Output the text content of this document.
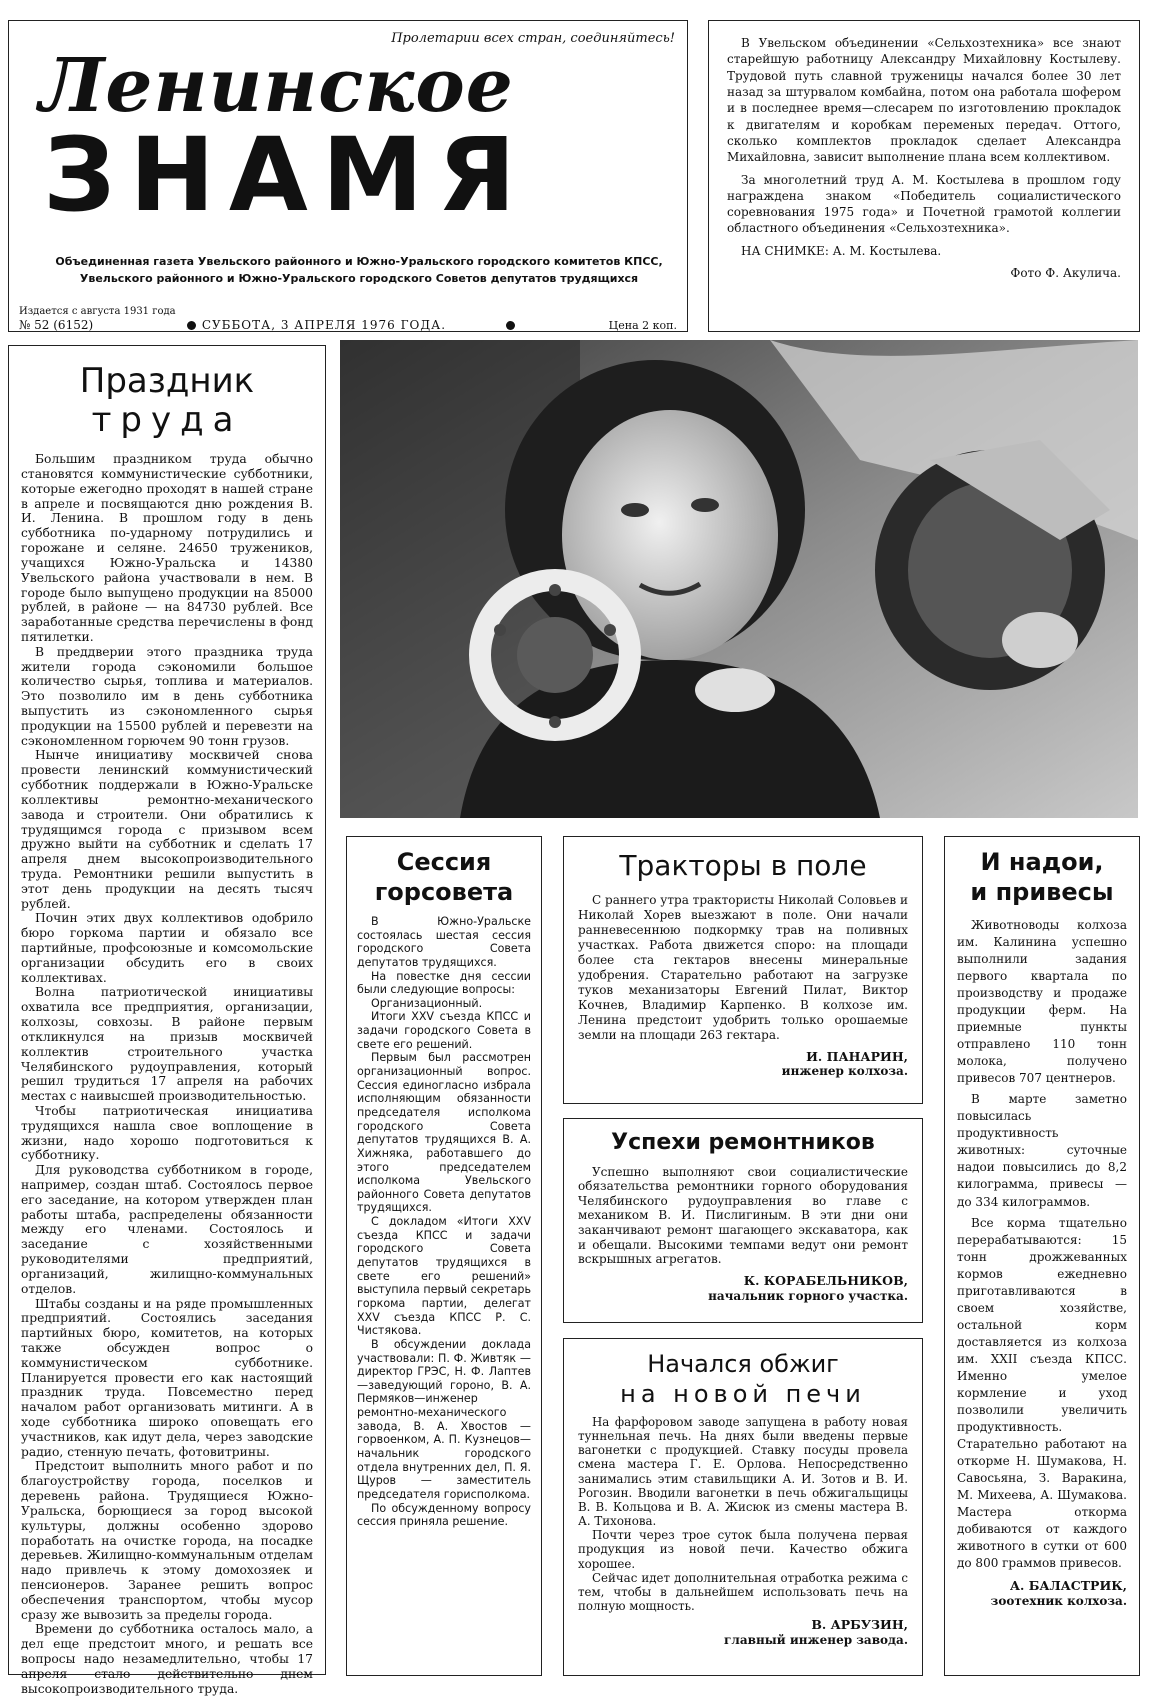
Пролетарии всех стран, соединяйтесь!
Ленинское
ЗНАМЯ
Объединенная газета Увельского районного и Южно-Уральского городского комитетов КПСС, Увельского районного и Южно-Уральского городского Советов депутатов трудящихся
Издается с августа 1931 года
№ 52 (6152)	СУББОТА, 3 АПРЕЛЯ 1976 ГОДА.	Цена 2 коп.

В Увельском объединении «Сельхозтехника» все знают старейшую работницу Александру Михайловну Костылеву. Трудовой путь славной труженицы начался более 30 лет назад за штурвалом комбайна, потом она работала шофером и в последнее время—слесарем по изготовлению прокладок к двигателям и коробкам переменых передач. Оттого, сколько комплектов прокладок сделает Александра Михайловна, зависит выполнение плана всем коллективом.

За многолетний труд А. М. Костылева в прошлом году награждена знаком «Победитель социалистического соревнования 1975 года» и Почетной грамотой коллегии областного объединения «Сельхозтехника».

НА СНИМКЕ: А. М. Костылева.

Фото Ф. Акулича.

Праздник
труда

Большим праздником труда обычно становятся коммунистические субботники, которые ежегодно проходят в нашей стране в апреле и посвящаются дню рождения В. И. Ленина. В прошлом году в день субботника по-ударному потрудились и горожане и селяне. 24650 тружеников, учащихся Южно-Уральска и 14380 Увельского района участвовали в нем. В городе было выпущено продукции на 85000 рублей, в районе — на 84730 рублей. Все заработанные средства перечислены в фонд пятилетки.

В преддверии этого праздника труда жители города сэкономили большое количество сырья, топлива и материалов. Это позволило им в день субботника выпустить из сэкономленного сырья продукции на 15500 рублей и перевезти на сэкономленном горючем 90 тонн грузов.

Нынче инициативу москвичей снова провести ленинский коммунистический субботник поддержали в Южно-Уральске коллективы ремонтно-механического завода и строители. Они обратились к трудящимся города с призывом всем дружно выйти на субботник и сделать 17 апреля днем высокопроизводительного труда. Ремонтники решили выпустить в этот день продукции на десять тысяч рублей.

Почин этих двух коллективов одобрило бюро горкома партии и обязало все партийные, профсоюзные и комсомольские организации обсудить его в своих коллективах.

Волна патриотической инициативы охватила все предприятия, организации, колхозы, совхозы. В районе первым откликнулся на призыв москвичей коллектив строительного участка Челябинского рудоуправления, который решил трудиться 17 апреля на рабочих местах с наивысшей производительностью.

Чтобы патриотическая инициатива трудящихся нашла свое воплощение в жизни, надо хорошо подготовиться к субботнику.

Для руководства субботником в городе, например, создан штаб. Состоялось первое его заседание, на котором утвержден план работы штаба, распределены обязанности между его членами. Состоялось и заседание с хозяйственными руководителями предприятий, организаций, жилищно-коммунальных отделов.

Штабы созданы и на ряде промышленных предприятий. Состоялись заседания партийных бюро, комитетов, на которых также обсужден вопрос о коммунистическом субботнике. Планируется провести его как настоящий праздник труда. Повсеместно перед началом работ организовать митинги. А в ходе субботника широко оповещать его участников, как идут дела, через заводские радио, стенную печать, фотовитрины.

Предстоит выполнить много работ и по благоустройству города, поселков и деревень района. Трудящиеся Южно-Уральска, борющиеся за город высокой культуры, должны особенно здорово поработать на очистке города, на посадке деревьев. Жилищно-коммунальным отделам надо привлечь к этому домохозяек и пенсионеров. Заранее решить вопрос обеспечения транспортом, чтобы мусор сразу же вывозить за пределы города.

Времени до субботника осталось мало, а дел еще предстоит много, и решать все вопросы надо незамедлительно, чтобы 17 апреля стало действительно днем высокопроизводительного труда.

Сессия
горсовета

В Южно-Уральске состоялась шестая сессия городского Совета депутатов трудящихся.

На повестке дня сессии были следующие вопросы:

Организационный.

Итоги XXV съезда КПСС и задачи городского Совета в свете его решений.

Первым был рассмотрен организационный вопрос. Сессия единогласно избрала исполняющим обязанности председателя исполкома городского Совета депутатов трудящихся В. А. Хижняка, работавшего до этого председателем исполкома Увельского районного Совета депутатов трудящихся.

С докладом «Итоги XXV съезда КПСС и задачи городского Совета депутатов трудящихся в свете его решений» выступила первый секретарь горкома партии, делегат XXV съезда КПСС Р. С. Чистякова.

В обсуждении доклада участвовали: П. Ф. Живтяк — директор ГРЭС, Н. Ф. Лаптев—заведующий гороно, В. А. Пермяков—инженер ремонтно-механического завода, В. А. Хвостов — горвоенком, А. П. Кузнецов—начальник городского отдела внутренних дел, П. Я. Щуров — заместитель председателя горисполкома.

По обсужденному вопросу сессия приняла решение.

Тракторы в поле

С раннего утра трактористы Николай Соловьев и Николай Хорев выезжают в поле. Они начали ранневесеннюю подкормку трав на поливных участках. Работа движется споро: на площади более ста гектаров внесены минеральные удобрения. Старательно работают на загрузке туков механизаторы Евгений Пилат, Виктор Кочнев, Владимир Карпенко. В колхозе им. Ленина предстоит удобрить только орошаемые земли на площади 263 гектара.

И. ПАНАРИН,
инженер колхоза.
Успехи ремонтников

Успешно выполняют свои социалистические обязательства ремонтники горного оборудования Челябинского рудоуправления во главе с механиком В. И. Пислигиным. В эти дни они заканчивают ремонт шагающего экскаватора, как и обещали. Высокими темпами ведут они ремонт вскрышных агрегатов.

К. КОРАБЕЛЬНИКОВ,
начальник горного участка.
Начался обжиг
на новой печи

На фарфоровом заводе запущена в работу новая туннельная печь. На днях были введены первые вагонетки с продукцией. Ставку посуды провела смена мастера Г. Е. Орлова. Непосредственно занимались этим ставильщики А. И. Зотов и В. И. Рогозин. Вводили вагонетки в печь обжигальщицы В. В. Кольцова и В. А. Жисюк из смены мастера В. А. Тихонова.

Почти через трое суток была получена первая продукция из новой печи. Качество обжига хорошее.

Сейчас идет дополнительная отработка режима с тем, чтобы в дальнейшем использовать печь на полную мощность.

В. АРБУЗИН,
главный инженер завода.
И надои,
и привесы

Животноводы колхоза им. Калинина успешно выполнили задания первого квартала по производству и продаже продукции ферм. На приемные пункты отправлено 110 тонн молока, получено привесов 707 центнеров.

В марте заметно повысилась продуктивность животных: суточные надои повысились до 8,2 килограмма, привесы — до 334 килограммов.

Все корма тщательно перерабатываются: 15 тонн дрожжеванных кормов ежедневно приготавливаются в своем хозяйстве, остальной корм доставляется из колхоза им. XXII съезда КПСС. Именно умелое кормление и уход позволили увеличить продуктивность. Старательно работают на откорме Н. Шумакова, Н. Савосьяна, З. Варакина, М. Михеева, А. Шумакова. Мастера откорма добиваются от каждого животного в сутки от 600 до 800 граммов привесов.

А. БАЛАСТРИК,
зоотехник колхоза.
